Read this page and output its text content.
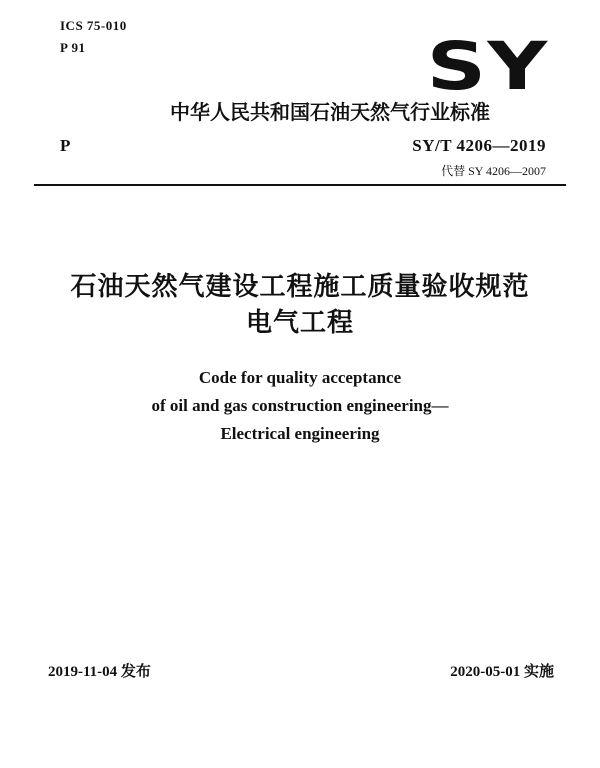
ICS 75-010
P 91	SY
中华人民共和国石油天然气行业标准
P	SY/T 4206—2019
代替 SY 4206—2007
石油天然气建设工程施工质量验收规范
电气工程
Code for quality acceptance
of oil and gas construction engineering—
Electrical engineering
2019-11-04 发布	2020-05-01 实施
